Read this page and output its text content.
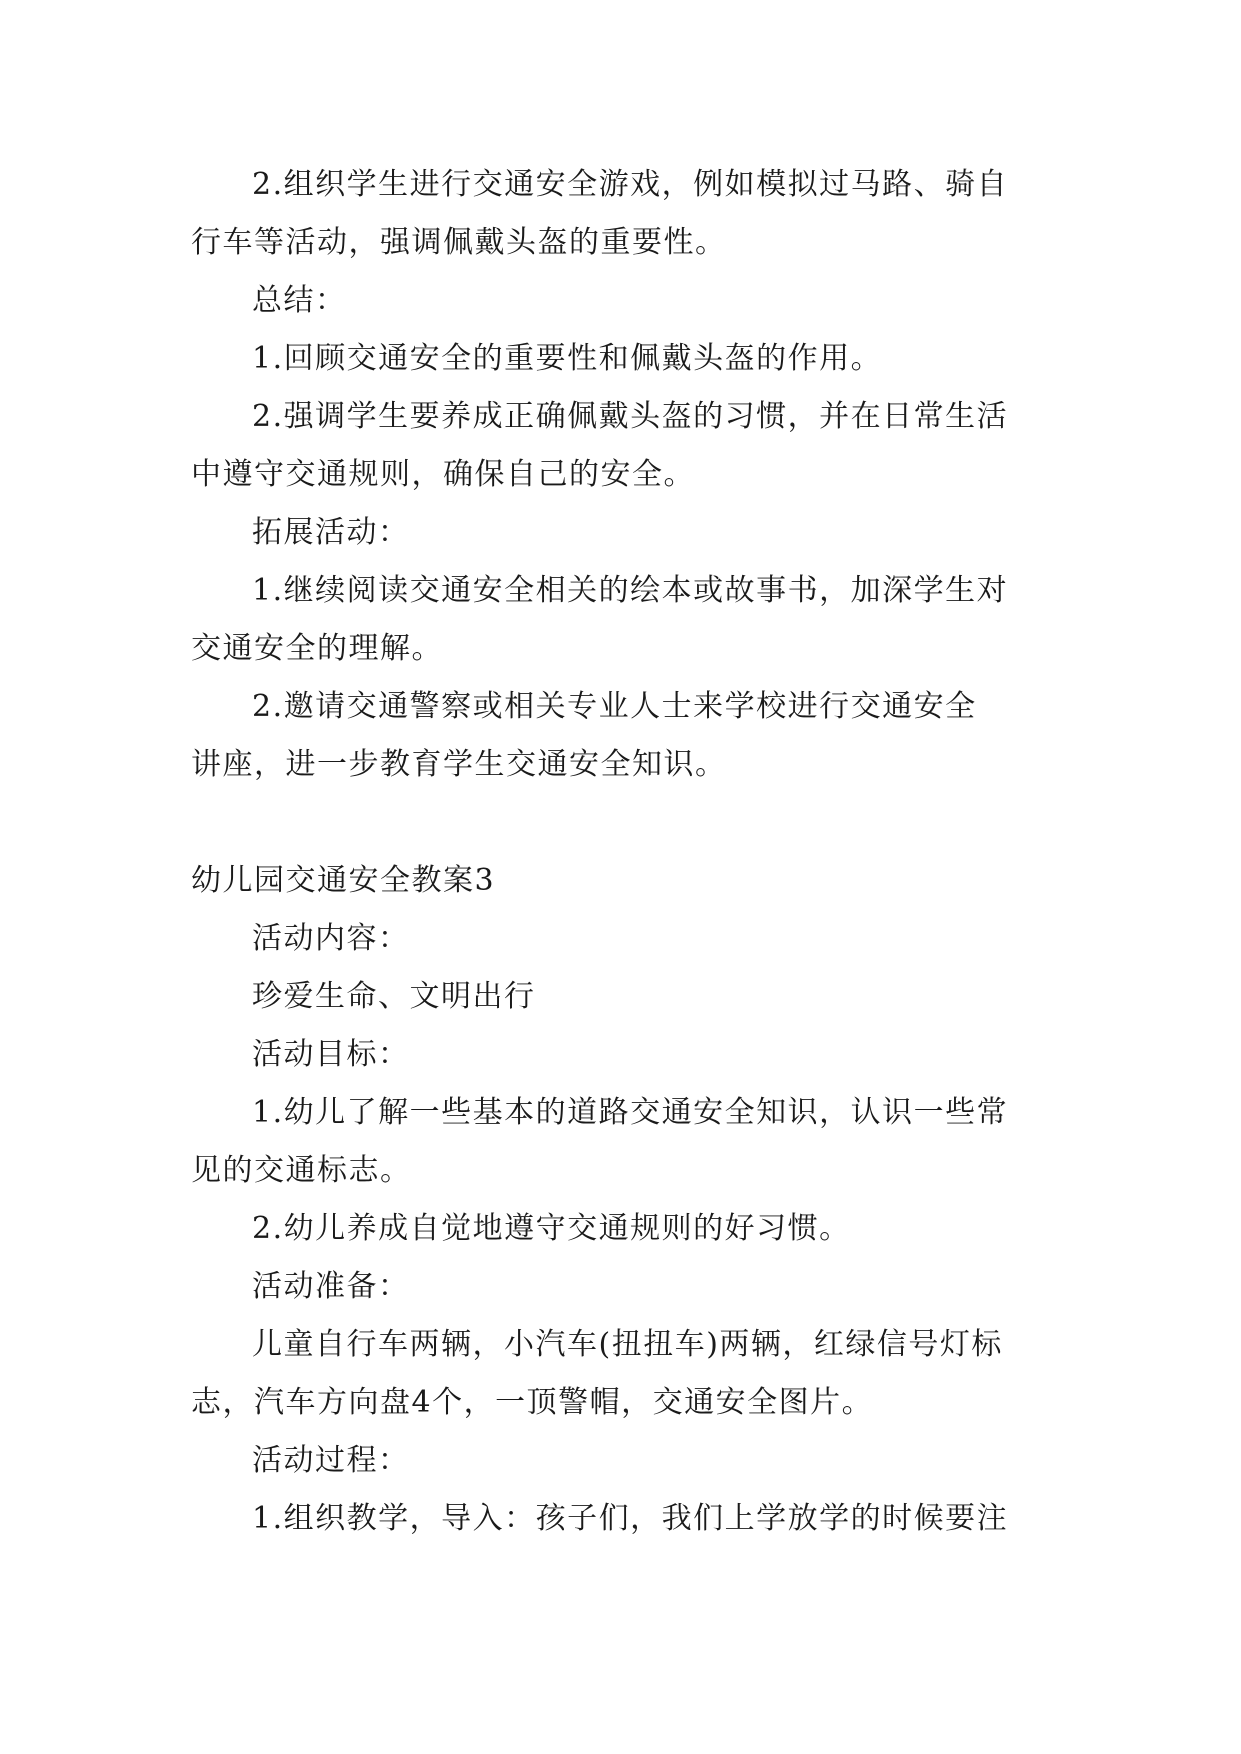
2.组织学生进行交通安全游戏，例如模拟过马路、骑自
行车等活动，强调佩戴头盔的重要性。
总结：
1.回顾交通安全的重要性和佩戴头盔的作用。
2.强调学生要养成正确佩戴头盔的习惯，并在日常生活
中遵守交通规则，确保自己的安全。
拓展活动：
1.继续阅读交通安全相关的绘本或故事书，加深学生对
交通安全的理解。
2.邀请交通警察或相关专业人士来学校进行交通安全
讲座，进一步教育学生交通安全知识。
幼儿园交通安全教案3
活动内容：
珍爱生命、文明出行
活动目标：
1.幼儿了解一些基本的道路交通安全知识，认识一些常
见的交通标志。
2.幼儿养成自觉地遵守交通规则的好习惯。
活动准备：
儿童自行车两辆，小汽车(扭扭车)两辆，红绿信号灯标
志，汽车方向盘4个，一顶警帽，交通安全图片。
活动过程：
1.组织教学，导入：孩子们，我们上学放学的时候要注
